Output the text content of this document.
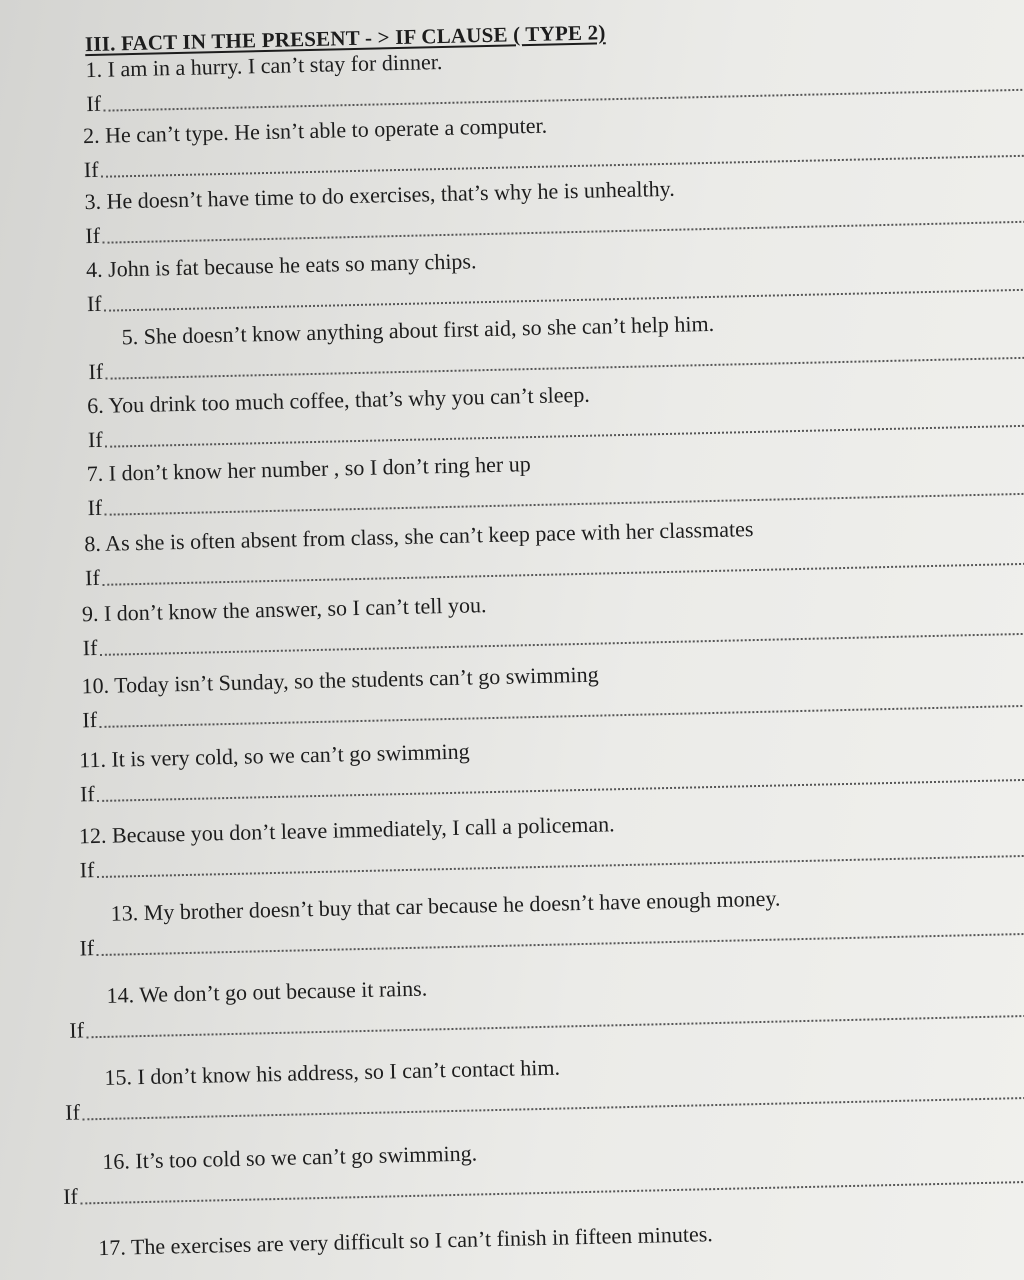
III. FACT IN THE PRESENT - > IF CLAUSE ( TYPE 2)
1. I am in a hurry. I can’t stay for dinner.
If
2. He can’t type. He isn’t able to operate a computer.
If
3. He doesn’t have time to do exercises, that’s why he is unhealthy.
If
4. John is fat because he eats so many chips.
If
5. She doesn’t know anything about first aid, so she can’t help him.
If
6. You drink too much coffee, that’s why you can’t sleep.
If
7. I don’t know her number , so I don’t ring her up
If
8. As she is often absent from class, she can’t keep pace with her classmates
If
9. I don’t know the answer, so I can’t tell you.
If
10. Today isn’t Sunday, so the students can’t go swimming
If
11. It is very cold, so we can’t go swimming
If
12. Because you don’t leave immediately, I call a policeman.
If
13. My brother doesn’t buy that car because he doesn’t have enough money.
If
14. We don’t go out because it rains.
If
15. I don’t know his address, so I can’t contact him.
If
16. It’s too cold so we can’t go swimming.
If
17. The exercises are very difficult so I can’t finish in fifteen minutes.
